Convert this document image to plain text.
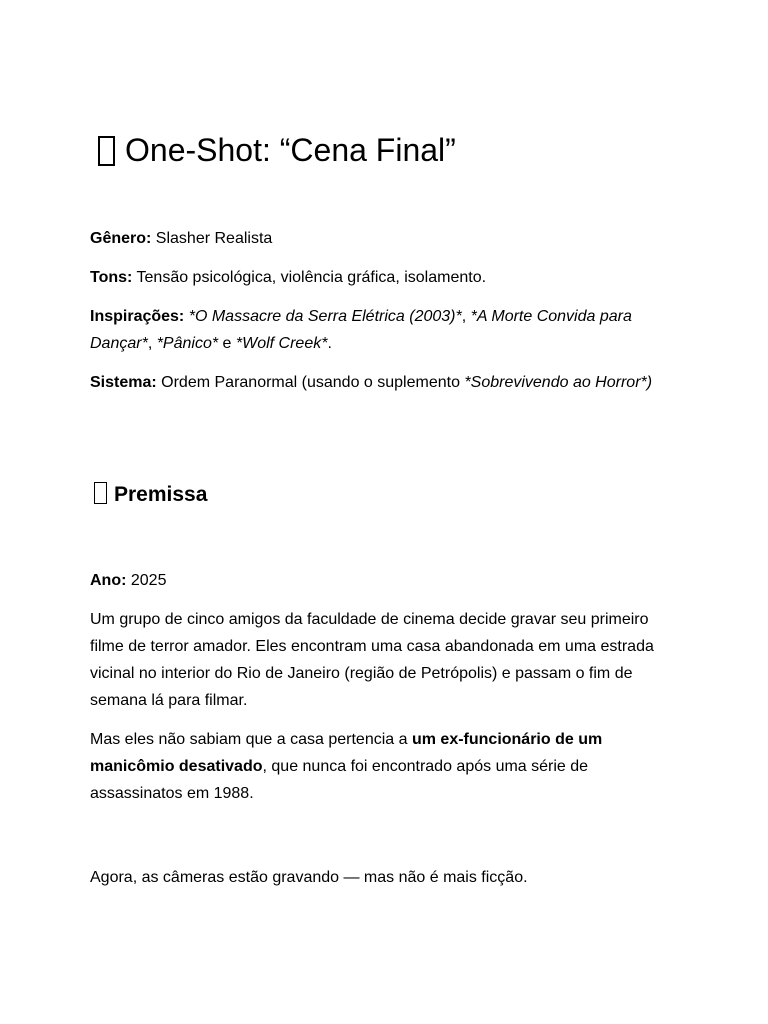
One-Shot: “Cena Final”

Gênero: Slasher Realista

Tons: Tensão psicológica, violência gráfica, isolamento.

Inspirações: *O Massacre da Serra Elétrica (2003)*, *A Morte Convida para Dançar*, *Pânico* e *Wolf Creek*.

Sistema: Ordem Paranormal (usando o suplemento *Sobrevivendo ao Horror*)

Premissa

Ano: 2025

Um grupo de cinco amigos da faculdade de cinema decide gravar seu primeiro filme de terror amador. Eles encontram uma casa abandonada em uma estrada vicinal no interior do Rio de Janeiro (região de Petrópolis) e passam o fim de semana lá para filmar.

Mas eles não sabiam que a casa pertencia a um ex-funcionário de um manicômio desativado, que nunca foi encontrado após uma série de assassinatos em 1988.

Agora, as câmeras estão gravando — mas não é mais ficção.
